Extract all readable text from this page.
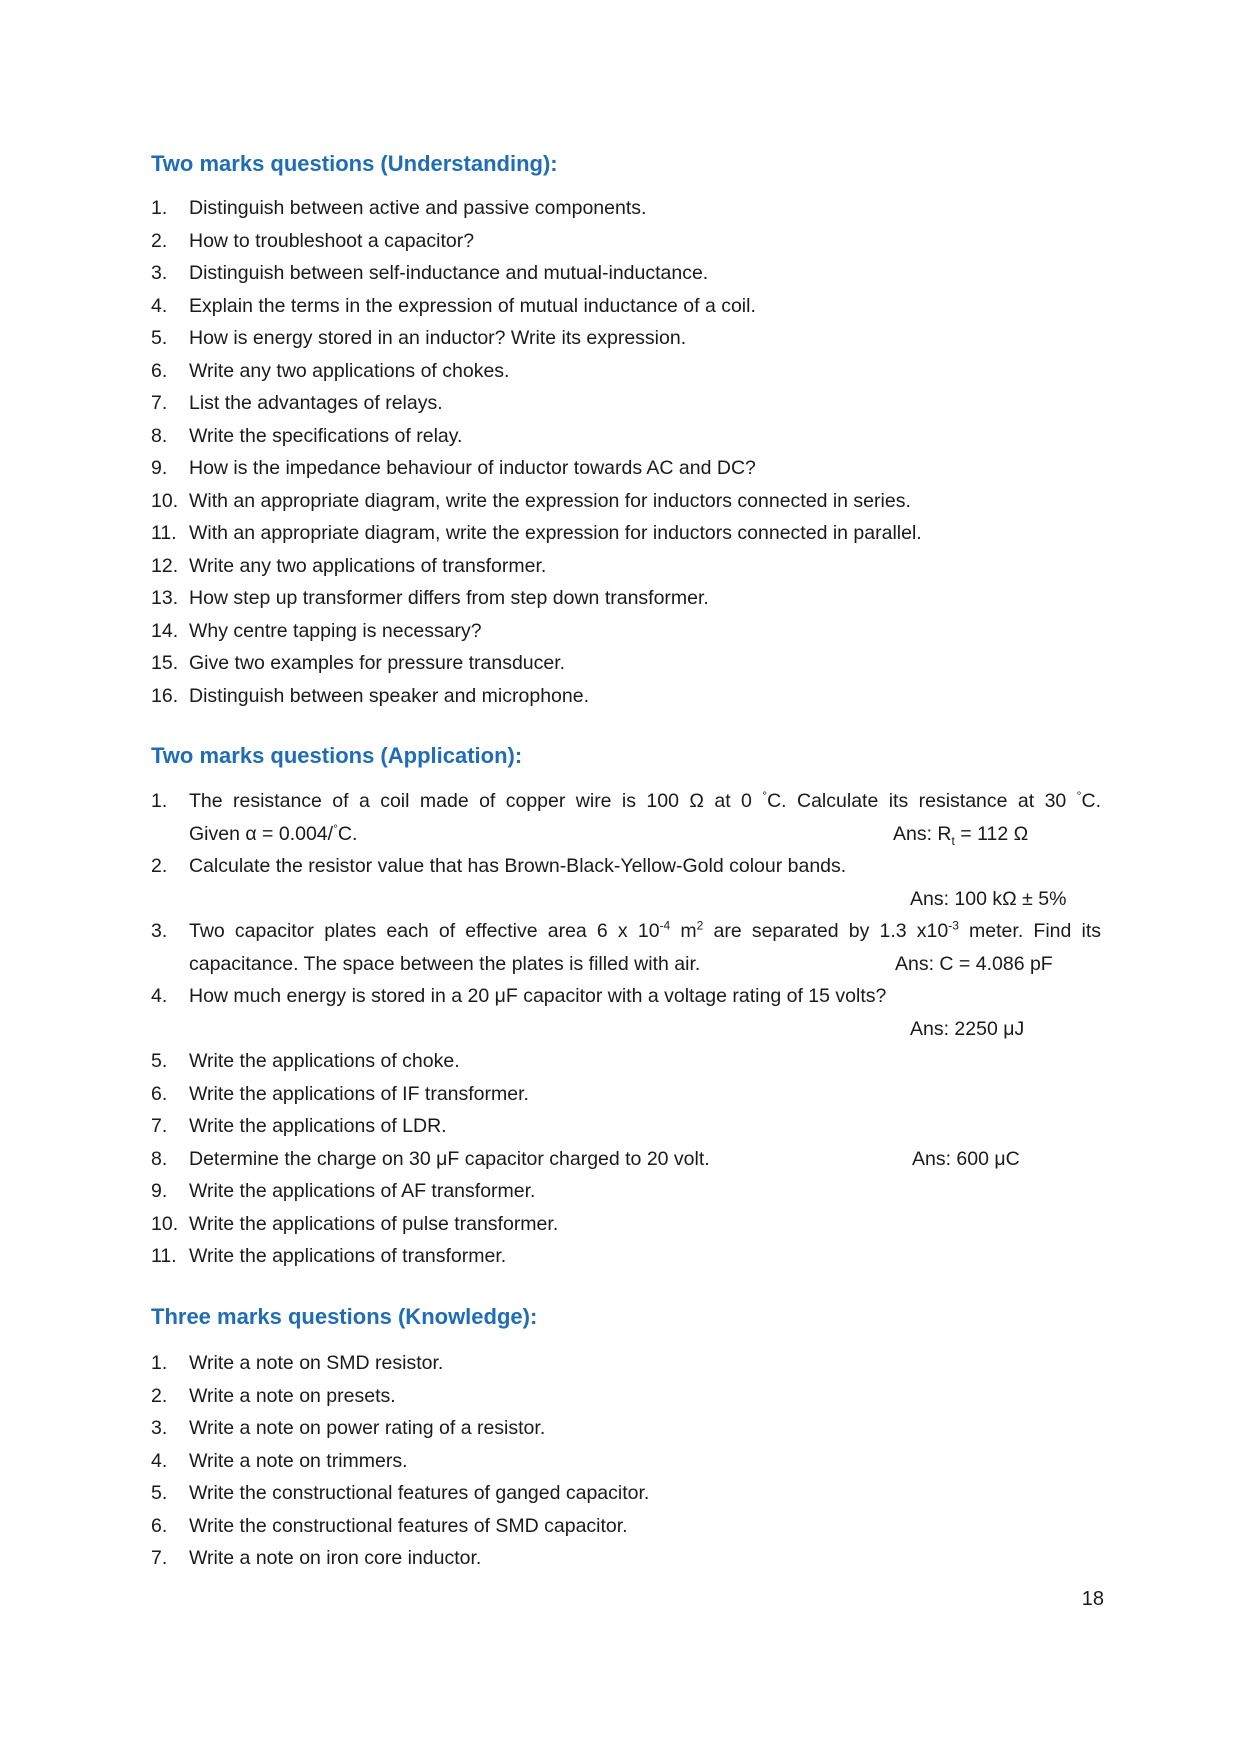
Two marks questions (Understanding):
1. Distinguish between active and passive components.
2. How to troubleshoot a capacitor?
3. Distinguish between self-inductance and mutual-inductance.
4. Explain the terms in the expression of mutual inductance of a coil.
5. How is energy stored in an inductor? Write its expression.
6. Write any two applications of chokes.
7. List the advantages of relays.
8. Write the specifications of relay.
9. How is the impedance behaviour of inductor towards AC and DC?
10. With an appropriate diagram, write the expression for inductors connected in series.
11. With an appropriate diagram, write the expression for inductors connected in parallel.
12. Write any two applications of transformer.
13. How step up transformer differs from step down transformer.
14. Why centre tapping is necessary?
15. Give two examples for pressure transducer.
16. Distinguish between speaker and microphone.
Two marks questions (Application):
1. The resistance of a coil made of copper wire is 100 Ω at 0 °C. Calculate its resistance at 30 °C.
Given α = 0.004/°C.	Ans: $R_t = 112$ Ω
2. Calculate the resistor value that has Brown-Black-Yellow-Gold colour bands.
Ans: 100 kΩ ± 5%
3. Two capacitor plates each of effective area 6 x $10^{-4}$ $m^2$ are separated by 1.3 $x10^{-3}$ meter. Find its
capacitance. The space between the plates is filled with air.	Ans: C = 4.086 pF
4. How much energy is stored in a 20 μF capacitor with a voltage rating of 15 volts?
Ans: 2250 μJ
5. Write the applications of choke.
6. Write the applications of IF transformer.
7. Write the applications of LDR.
8. Determine the charge on 30 μF capacitor charged to 20 volt.	Ans: 600 μC
9. Write the applications of AF transformer.
10. Write the applications of pulse transformer.
11. Write the applications of transformer.
Three marks questions (Knowledge):
1. Write a note on SMD resistor.
2. Write a note on presets.
3. Write a note on power rating of a resistor.
4. Write a note on trimmers.
5. Write the constructional features of ganged capacitor.
6. Write the constructional features of SMD capacitor.
7. Write a note on iron core inductor.
18
